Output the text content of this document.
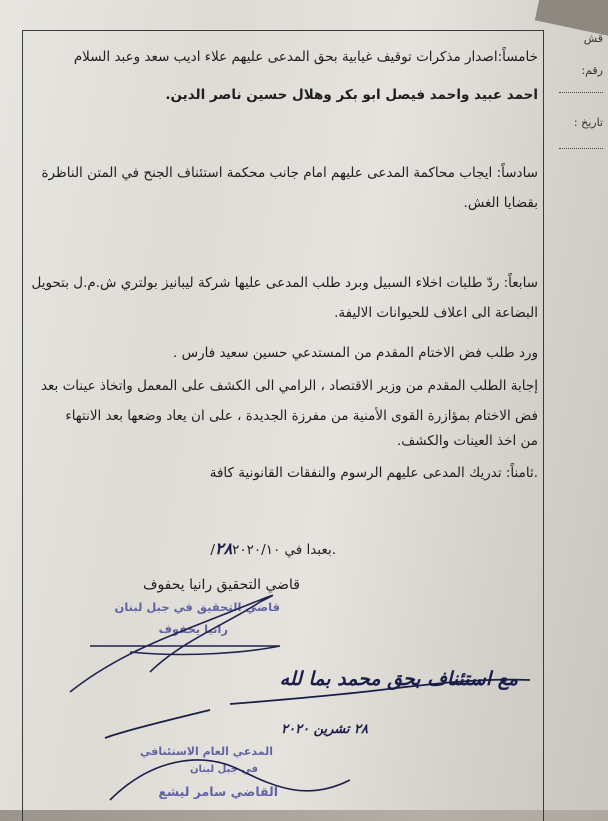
قش
رقم:
تاريخ :
خامساً:اصدار مذكرات توقيف غيابية بحق المدعى عليهم علاء اديب سعد وعبد السلام
احمد عبيد واحمد فيصل ابو بكر وهلال حسين ناصر الدين.
سادساً: ايجاب محاكمة المدعى عليهم امام جانب محكمة استئناف الجنح في المتن الناظرة
بقضايا الغش.
سابعاً: ردّ طلبات اخلاء السبيل وبرد طلب المدعى عليها شركة ليبانيز بولتري ش.م.ل بتحويل
البضاعة الى اعلاف للحيوانات الاليفة.
ورد طلب فض الاختام المقدم من المستدعي حسين سعيد فارس .
إجابة الطلب المقدم من وزير الاقتصاد ، الرامي الى الكشف على المعمل واتخاذ عينات بعد
فض الاختام بمؤازرة القوى الأمنية من مفرزة الجديدة ، على ان يعاد وضعها بعد الانتهاء
من اخذ العينات والكشف.
.ثامناً: تدريك المدعى عليهم الرسوم والنفقات القانونية كافة
.بعبدا في ٢٨٢٠٢٠/١٠/
قاضي التحقيق رانيا يحفوف
قاضي التحقيق في جبل لبنان
رانيا يحفوف
مع استئناف بحق محمد بما لله
٢٨ تشرين ٢٠٢٠
المدعي العام الاستئنافي
في جبل لبنان
القاضي سامر ليشع
